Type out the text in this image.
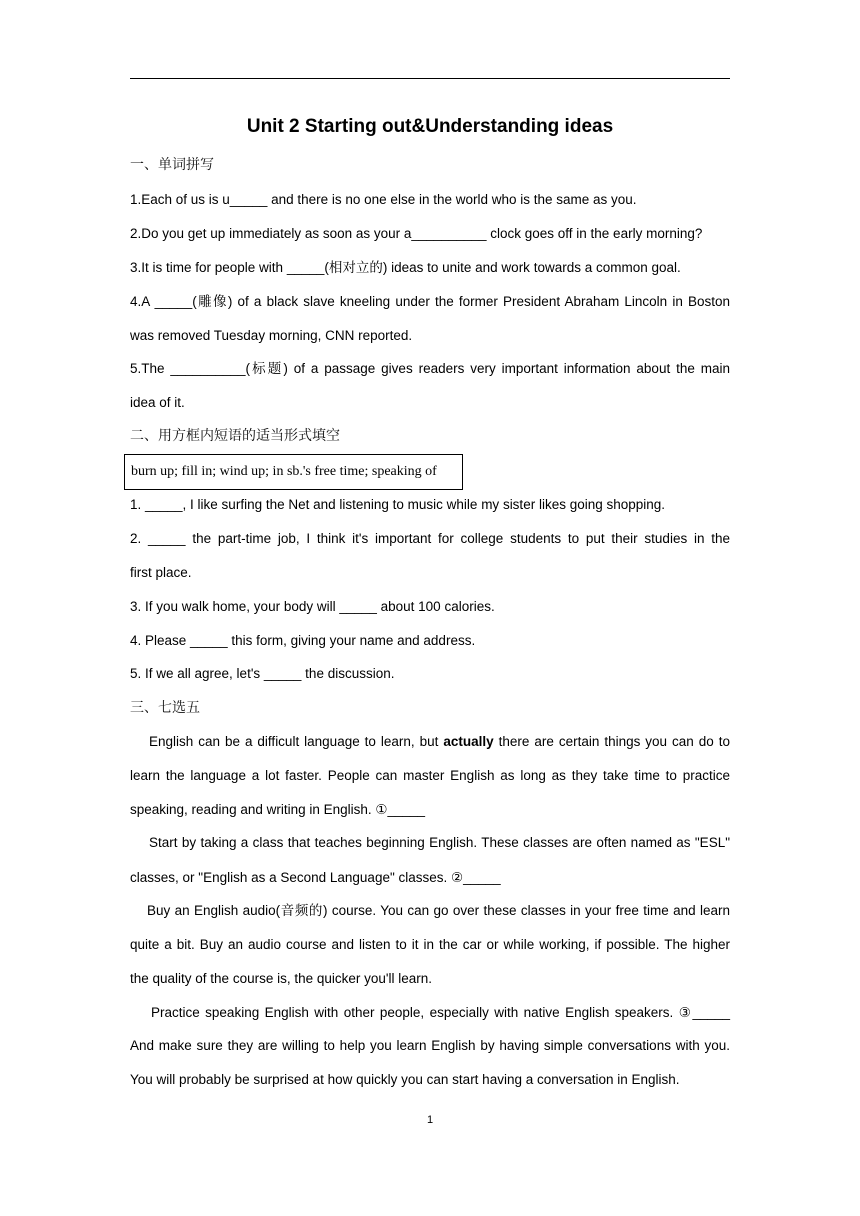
Unit 2 Starting out&Understanding ideas
一、单词拼写
1.Each of us is u_____ and there is no one else in the world who is the same as you.
2.Do you get up immediately as soon as your a__________ clock goes off in the early morning?
3.It is time for people with _____(相对立的) ideas to unite and work towards a common goal.
4.A _____(雕像) of a black slave kneeling under the former President Abraham Lincoln in Boston
was removed Tuesday morning, CNN reported.
5.The __________(标题) of a passage gives readers very important information about the main
idea of it.
二、用方框内短语的适当形式填空
burn up; fill in; wind up; in sb.'s free time; speaking of
1. _____, I like surfing the Net and listening to music while my sister likes going shopping.
2. _____ the part-time job, I think it's important for college students to put their studies in the
first place.
3. If you walk home, your body will _____ about 100 calories.
4. Please _____ this form, giving your name and address.
5. If we all agree, let's _____ the discussion.
三、七选五
English can be a difficult language to learn, but actually there are certain things you can do to
learn the language a lot faster. People can master English as long as they take time to practice
speaking, reading and writing in English. ①_____
Start by taking a class that teaches beginning English. These classes are often named as "ESL"
classes, or "English as a Second Language" classes. ②_____
Buy an English audio(音频的) course. You can go over these classes in your free time and learn
quite a bit. Buy an audio course and listen to it in the car or while working, if possible. The higher
the quality of the course is, the quicker you'll learn.
Practice speaking English with other people, especially with native English speakers. ③_____
And make sure they are willing to help you learn English by having simple conversations with you.
You will probably be surprised at how quickly you can start having a conversation in English.
1
